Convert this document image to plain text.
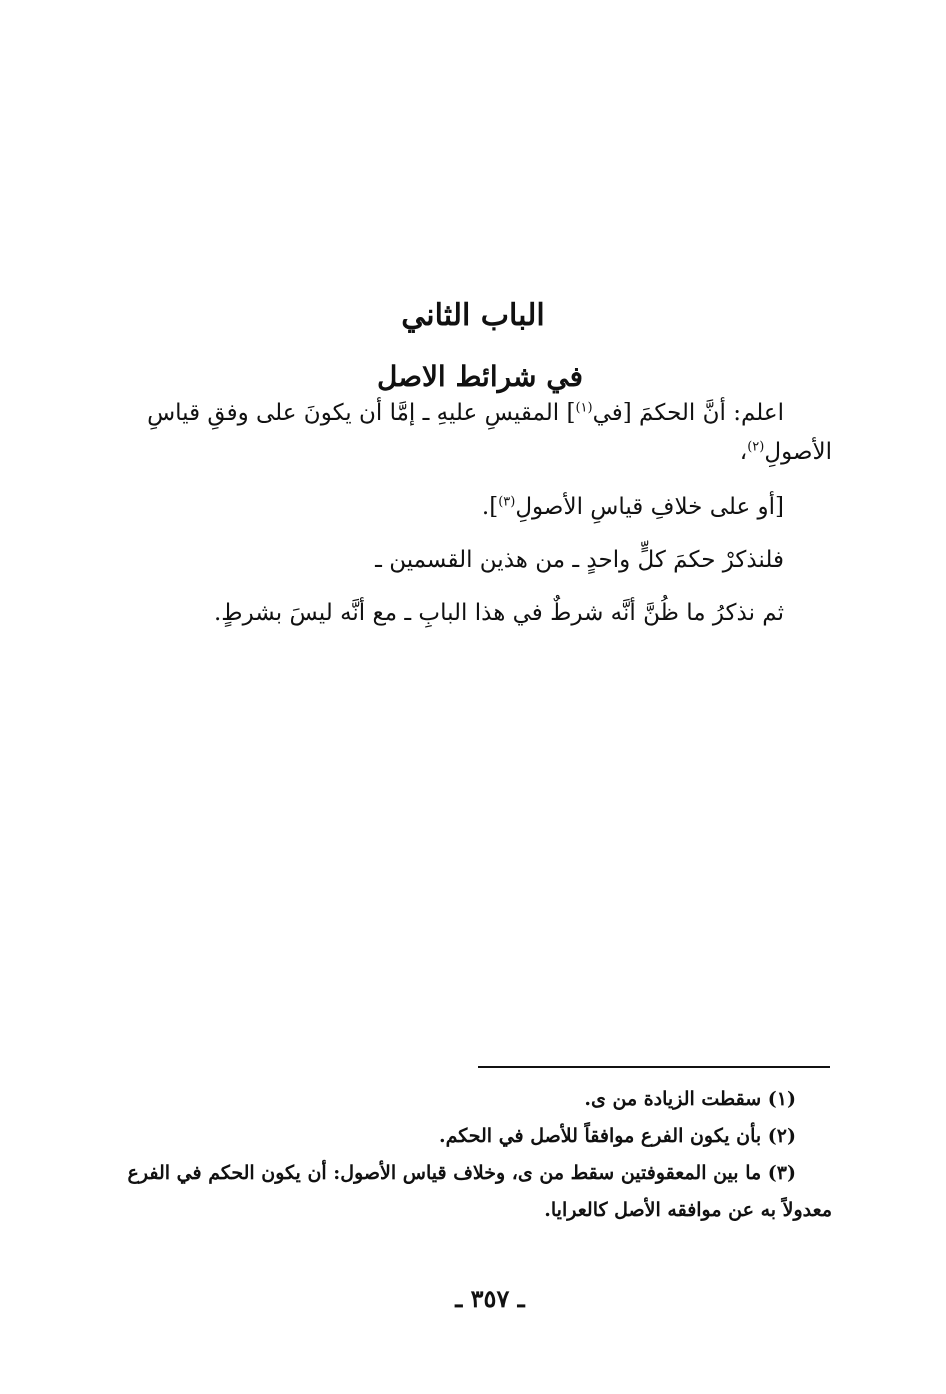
الباب الثاني
في شرائط الاصل
اعلم: أنَّ الحكمَ [في$^{(١)}$] المقيسِ عليهِ ـ إمَّا أن يكونَ على وفقِ قياسِ
الأصولِ$^{(٢)}$،
[أو على خلافِ قياسِ الأصولِ$^{(٣)}$].
فلنذكرْ حكمَ كلٍّ واحدٍ ـ من هذين القسمين ـ
ثم نذكرُ ما ظُنَّ أنَّه شرطٌ في هذا البابِ ـ مع أنَّه ليسَ بشرطٍ.
(١) سقطت الزيادة من ى.
(٢) بأن يكون الفرع موافقاً للأصل في الحكم.
(٣) ما بين المعقوفتين سقط من ى، وخلاف قياس الأصول: أن يكون الحكم في الفرع
معدولاً به عن موافقه الأصل كالعرايا.
ـ ٣٥٧ ـ
